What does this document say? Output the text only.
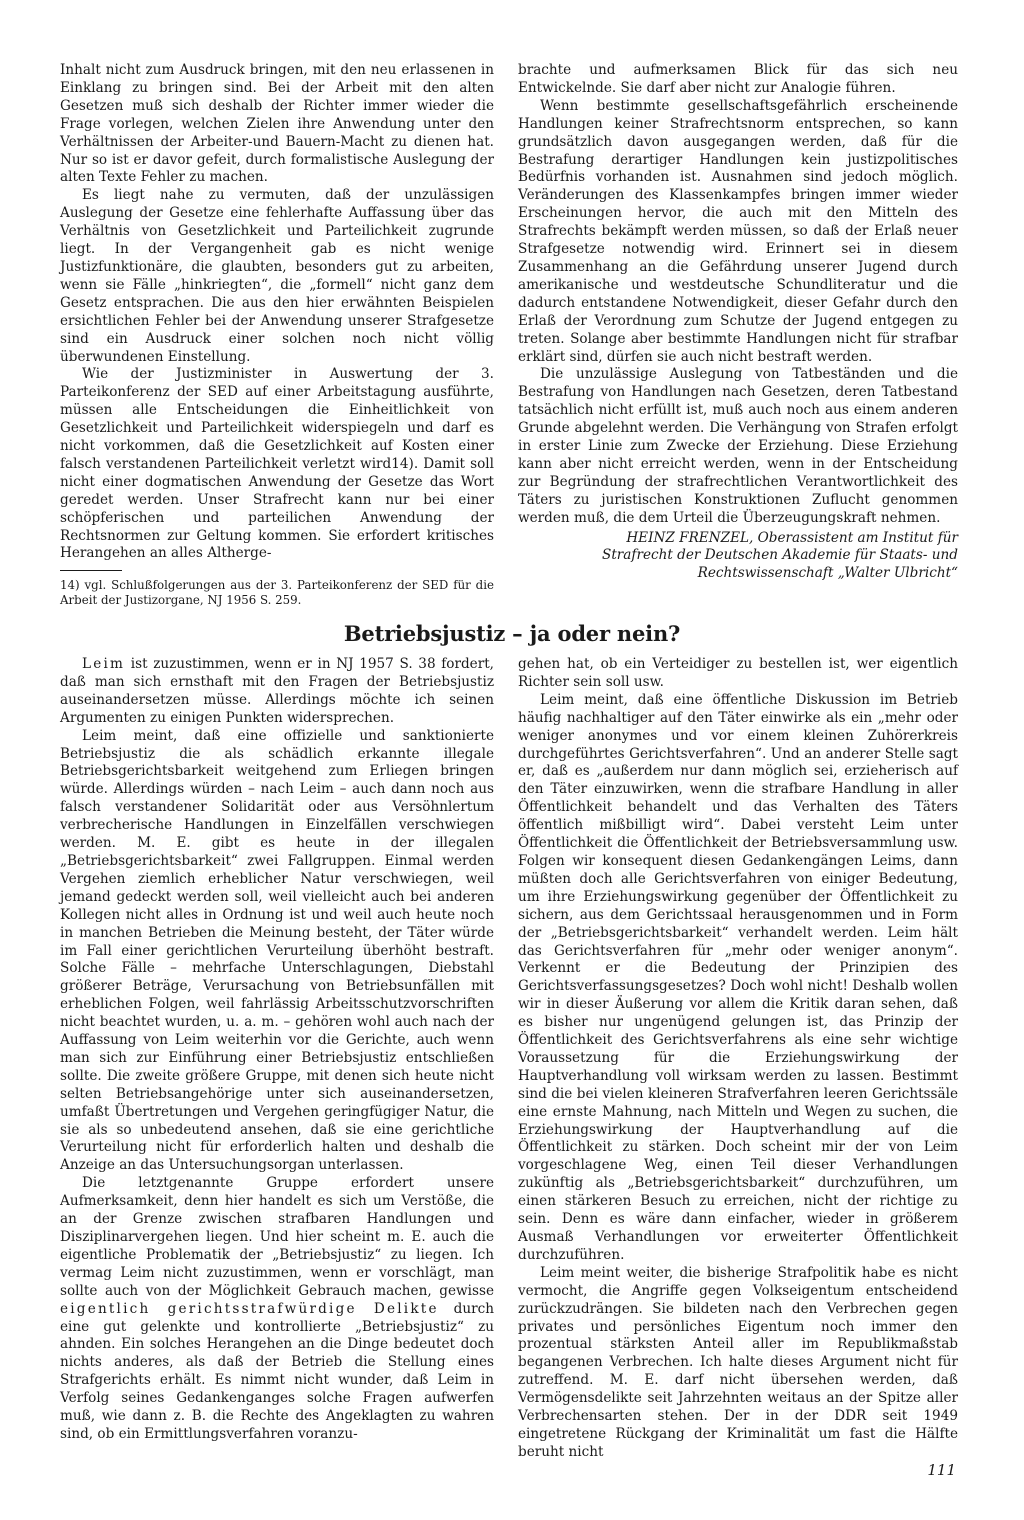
Inhalt nicht zum Ausdruck bringen, mit den neu erlassenen in Einklang zu bringen sind. Bei der Arbeit mit den alten Gesetzen muß sich deshalb der Richter immer wieder die Frage vorlegen, welchen Zielen ihre Anwendung unter den Verhältnissen der Arbeiter-und Bauern-Macht zu dienen hat. Nur so ist er davor gefeit, durch formalistische Auslegung der alten Texte Fehler zu machen.

Es liegt nahe zu vermuten, daß der unzulässigen Auslegung der Gesetze eine fehlerhafte Auffassung über das Verhältnis von Gesetzlichkeit und Parteilichkeit zugrunde liegt. In der Vergangenheit gab es nicht wenige Justizfunktionäre, die glaubten, besonders gut zu arbeiten, wenn sie Fälle „hinkriegten“, die „formell“ nicht ganz dem Gesetz entsprachen. Die aus den hier erwähnten Beispielen ersichtlichen Fehler bei der Anwendung unserer Strafgesetze sind ein Ausdruck einer solchen noch nicht völlig überwundenen Einstellung.

Wie der Justizminister in Auswertung der 3. Parteikonferenz der SED auf einer Arbeitstagung ausführte, müssen alle Entscheidungen die Einheitlichkeit von Gesetzlichkeit und Parteilichkeit widerspiegeln und darf es nicht vorkommen, daß die Gesetzlichkeit auf Kosten einer falsch verstandenen Parteilichkeit verletzt wird14). Damit soll nicht einer dogmatischen Anwendung der Gesetze das Wort geredet werden. Unser Strafrecht kann nur bei einer schöpferischen und parteilichen Anwendung der Rechtsnormen zur Geltung kommen. Sie erfordert kritisches Herangehen an alles Altherge-

14) vgl. Schlußfolgerungen aus der 3. Parteikonferenz der SED für die Arbeit der Justizorgane, NJ 1956 S. 259.

brachte und aufmerksamen Blick für das sich neu Entwickelnde. Sie darf aber nicht zur Analogie führen.

Wenn bestimmte gesellschaftsgefährlich erscheinende Handlungen keiner Strafrechtsnorm entsprechen, so kann grundsätzlich davon ausgegangen werden, daß für die Bestrafung derartiger Handlungen kein justizpolitisches Bedürfnis vorhanden ist. Ausnahmen sind jedoch möglich. Veränderungen des Klassenkampfes bringen immer wieder Erscheinungen hervor, die auch mit den Mitteln des Strafrechts bekämpft werden müssen, so daß der Erlaß neuer Strafgesetze notwendig wird. Erinnert sei in diesem Zusammenhang an die Gefährdung unserer Jugend durch amerikanische und westdeutsche Schundliteratur und die dadurch entstandene Notwendigkeit, dieser Gefahr durch den Erlaß der Verordnung zum Schutze der Jugend entgegen zu treten. Solange aber bestimmte Handlungen nicht für strafbar erklärt sind, dürfen sie auch nicht bestraft werden.

Die unzulässige Auslegung von Tatbeständen und die Bestrafung von Handlungen nach Gesetzen, deren Tatbestand tatsächlich nicht erfüllt ist, muß auch noch aus einem anderen Grunde abgelehnt werden. Die Verhängung von Strafen erfolgt in erster Linie zum Zwecke der Erziehung. Diese Erziehung kann aber nicht erreicht werden, wenn in der Entscheidung zur Begründung der strafrechtlichen Verantwortlichkeit des Täters zu juristischen Konstruktionen Zuflucht genommen werden muß, die dem Urteil die Überzeugungskraft nehmen.

HEINZ FRENZEL, Oberassistent am Institut für
Strafrecht der Deutschen Akademie für Staats- und
Rechtswissenschaft „Walter Ulbricht“
Betriebsjustiz – ja oder nein?

Leim ist zuzustimmen, wenn er in NJ 1957 S. 38 fordert, daß man sich ernsthaft mit den Fragen der Betriebsjustiz auseinandersetzen müsse. Allerdings möchte ich seinen Argumenten zu einigen Punkten widersprechen.

Leim meint, daß eine offizielle und sanktionierte Betriebsjustiz die als schädlich erkannte illegale Betriebsgerichtsbarkeit weitgehend zum Erliegen bringen würde. Allerdings würden – nach Leim – auch dann noch aus falsch verstandener Solidarität oder aus Versöhnlertum verbrecherische Handlungen in Einzelfällen verschwiegen werden. M. E. gibt es heute in der illegalen „Betriebsgerichtsbarkeit“ zwei Fallgruppen. Einmal werden Vergehen ziemlich erheblicher Natur verschwiegen, weil jemand gedeckt werden soll, weil vielleicht auch bei anderen Kollegen nicht alles in Ordnung ist und weil auch heute noch in manchen Betrieben die Meinung besteht, der Täter würde im Fall einer gerichtlichen Verurteilung überhöht bestraft. Solche Fälle – mehrfache Unterschlagungen, Diebstahl größerer Beträge, Verursachung von Betriebsunfällen mit erheblichen Folgen, weil fahrlässig Arbeitsschutzvorschriften nicht beachtet wurden, u. a. m. – gehören wohl auch nach der Auffassung von Leim weiterhin vor die Gerichte, auch wenn man sich zur Einführung einer Betriebsjustiz entschließen sollte. Die zweite größere Gruppe, mit denen sich heute nicht selten Betriebsangehörige unter sich auseinandersetzen, umfaßt Übertretungen und Vergehen geringfügiger Natur, die sie als so unbedeutend ansehen, daß sie eine gerichtliche Verurteilung nicht für erforderlich halten und deshalb die Anzeige an das Untersuchungsorgan unterlassen.

Die letztgenannte Gruppe erfordert unsere Aufmerksamkeit, denn hier handelt es sich um Verstöße, die an der Grenze zwischen strafbaren Handlungen und Disziplinarvergehen liegen. Und hier scheint m. E. auch die eigentliche Problematik der „Betriebsjustiz“ zu liegen. Ich vermag Leim nicht zuzustimmen, wenn er vorschlägt, man sollte auch von der Möglichkeit Gebrauch machen, gewisse eigentlich gerichtsstrafwürdige Delikte durch eine gut gelenkte und kontrollierte „Betriebsjustiz“ zu ahnden. Ein solches Herangehen an die Dinge bedeutet doch nichts anderes, als daß der Betrieb die Stellung eines Strafgerichts erhält. Es nimmt nicht wunder, daß Leim in Verfolg seines Gedankenganges solche Fragen aufwerfen muß, wie dann z. B. die Rechte des Angeklagten zu wahren sind, ob ein Ermittlungsverfahren voranzu-

gehen hat, ob ein Verteidiger zu bestellen ist, wer eigentlich Richter sein soll usw.

Leim meint, daß eine öffentliche Diskussion im Betrieb häufig nachhaltiger auf den Täter einwirke als ein „mehr oder weniger anonymes und vor einem kleinen Zuhörerkreis durchgeführtes Gerichtsverfahren“. Und an anderer Stelle sagt er, daß es „außerdem nur dann möglich sei, erzieherisch auf den Täter einzuwirken, wenn die strafbare Handlung in aller Öffentlichkeit behandelt und das Verhalten des Täters öffentlich mißbilligt wird“. Dabei versteht Leim unter Öffentlichkeit die Öffentlichkeit der Betriebsversammlung usw. Folgen wir konsequent diesen Gedankengängen Leims, dann müßten doch alle Gerichtsverfahren von einiger Bedeutung, um ihre Erziehungswirkung gegenüber der Öffentlichkeit zu sichern, aus dem Gerichtssaal herausgenommen und in Form der „Betriebsgerichtsbarkeit“ verhandelt werden. Leim hält das Gerichtsverfahren für „mehr oder weniger anonym“. Verkennt er die Bedeutung der Prinzipien des Gerichtsverfassungsgesetzes? Doch wohl nicht! Deshalb wollen wir in dieser Äußerung vor allem die Kritik daran sehen, daß es bisher nur ungenügend gelungen ist, das Prinzip der Öffentlichkeit des Gerichtsverfahrens als eine sehr wichtige Voraussetzung für die Erziehungswirkung der Hauptverhandlung voll wirksam werden zu lassen. Bestimmt sind die bei vielen kleineren Strafverfahren leeren Gerichtssäle eine ernste Mahnung, nach Mitteln und Wegen zu suchen, die Erziehungswirkung der Hauptverhandlung auf die Öffentlichkeit zu stärken. Doch scheint mir der von Leim vorgeschlagene Weg, einen Teil dieser Verhandlungen zukünftig als „Betriebsgerichtsbarkeit“ durchzuführen, um einen stärkeren Besuch zu erreichen, nicht der richtige zu sein. Denn es wäre dann einfacher, wieder in größerem Ausmaß Verhandlungen vor erweiterter Öffentlichkeit durchzuführen.

Leim meint weiter, die bisherige Strafpolitik habe es nicht vermocht, die Angriffe gegen Volkseigentum entscheidend zurückzudrängen. Sie bildeten nach den Verbrechen gegen privates und persönliches Eigentum noch immer den prozentual stärksten Anteil aller im Republikmaßstab begangenen Verbrechen. Ich halte dieses Argument nicht für zutreffend. M. E. darf nicht übersehen werden, daß Vermögensdelikte seit Jahrzehnten weitaus an der Spitze aller Verbrechensarten stehen. Der in der DDR seit 1949 eingetretene Rückgang der Kriminalität um fast die Hälfte beruht nicht

111
